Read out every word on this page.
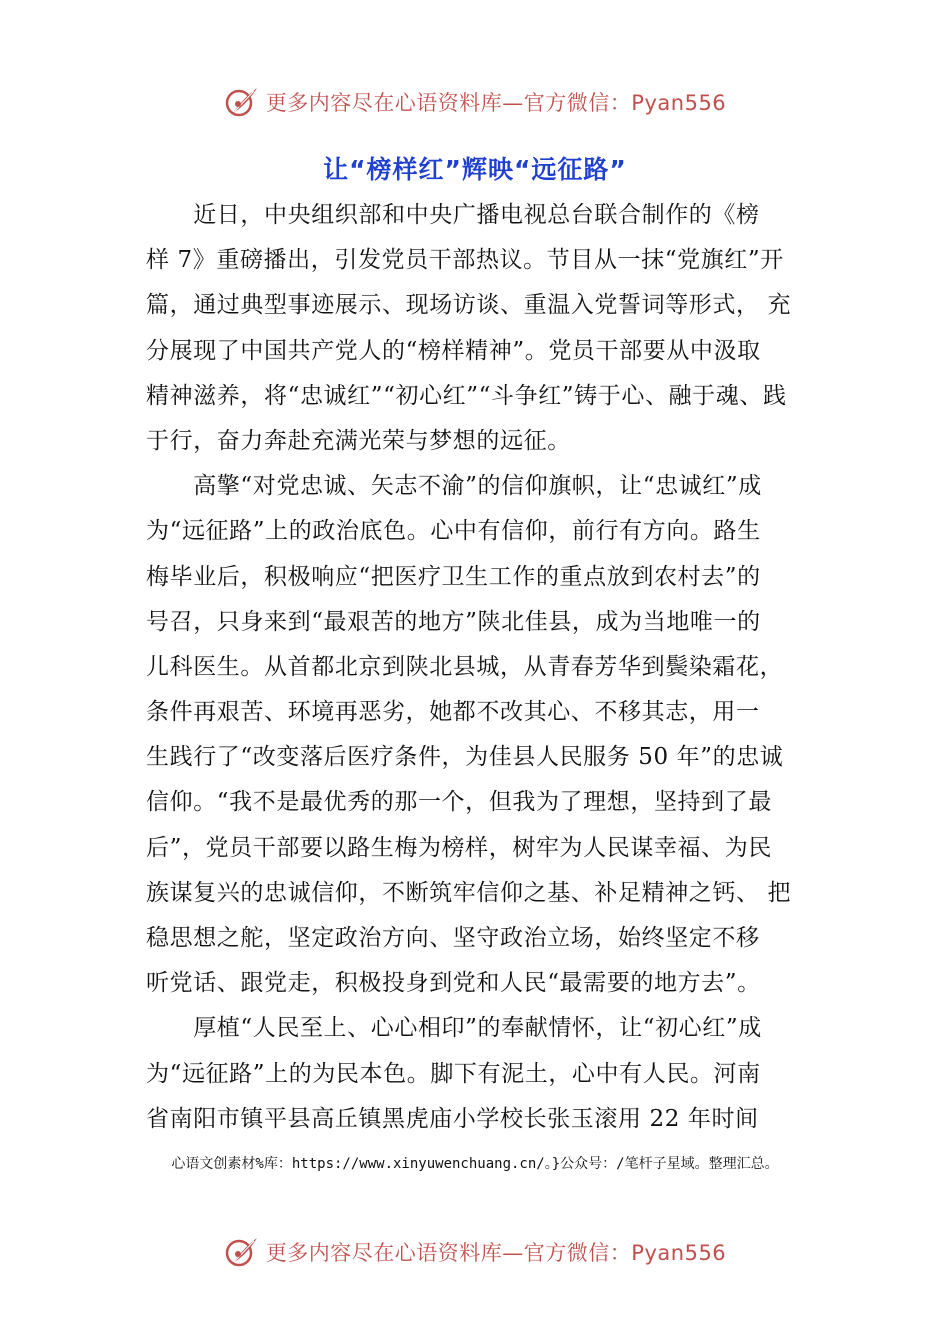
更多内容尽在心语资料库—官方微信：Pyan556
让“榜样红”辉映“远征路”
　　近日，中央组织部和中央广播电视总台联合制作的《榜
样 7》重磅播出，引发党员干部热议。节目从一抹“党旗红”开
篇，通过典型事迹展示、现场访谈、重温入党誓词等形式， 充
分展现了中国共产党人的“榜样精神”。党员干部要从中汲取
精神滋养，将“忠诚红”“初心红”“斗争红”铸于心、融于魂、践
于行，奋力奔赴充满光荣与梦想的远征。
　　高擎“对党忠诚、矢志不渝”的信仰旗帜，让“忠诚红”成
为“远征路”上的政治底色。心中有信仰，前行有方向。路生
梅毕业后，积极响应“把医疗卫生工作的重点放到农村去”的
号召，只身来到“最艰苦的地方”陕北佳县，成为当地唯一的
儿科医生。从首都北京到陕北县城，从青春芳华到鬓染霜花，
条件再艰苦、环境再恶劣，她都不改其心、不移其志，用一
生践行了“改变落后医疗条件，为佳县人民服务 50 年”的忠诚
信仰。“我不是最优秀的那一个，但我为了理想，坚持到了最
后”，党员干部要以路生梅为榜样，树牢为人民谋幸福、为民
族谋复兴的忠诚信仰，不断筑牢信仰之基、补足精神之钙、 把
稳思想之舵，坚定政治方向、坚守政治立场，始终坚定不移
听党话、跟党走，积极投身到党和人民“最需要的地方去”。
　　厚植“人民至上、心心相印”的奉献情怀，让“初心红”成
为“远征路”上的为民本色。脚下有泥土，心中有人民。河南
省南阳市镇平县高丘镇黑虎庙小学校长张玉滚用 22 年时间
心语文创素材%库：https://www.xinyuwenchuang.cn/。}公众号：/笔杆子星域。整理汇总。
更多内容尽在心语资料库—官方微信：Pyan556
